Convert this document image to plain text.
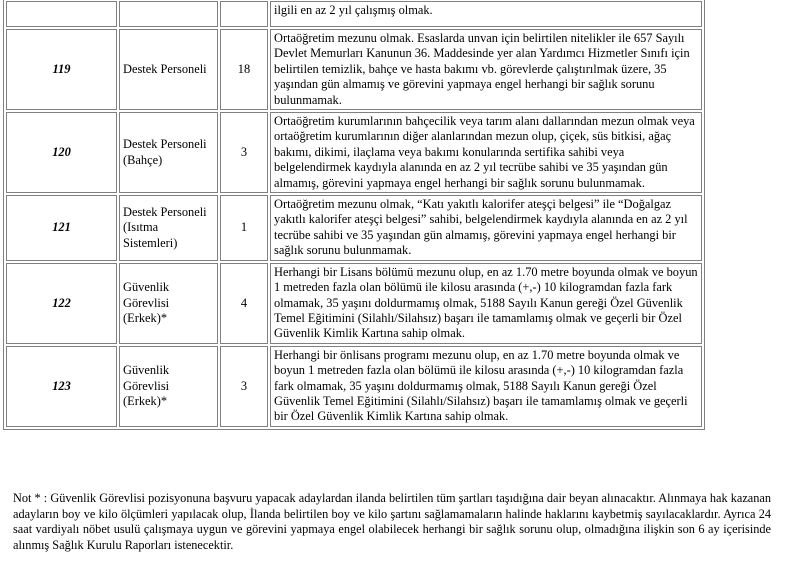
			ilgili en az 2 yıl çalışmış olmak.
119	Destek Personeli	18	Ortaöğretim mezunu olmak. Esaslarda unvan için belirtilen nitelikler ile 657 Sayılı Devlet Memurları Kanunun 36. Maddesinde yer alan Yardımcı Hizmetler Sınıfı için belirtilen temizlik, bahçe ve hasta bakımı vb. görevlerde çalıştırılmak üzere, 35 yaşından gün almamış ve görevini yapmaya engel herhangi bir sağlık sorunu bulunmamak.
120	Destek Personeli (Bahçe)	3	Ortaöğretim kurumlarının bahçecilik veya tarım alanı dallarından mezun olmak veya ortaöğretim kurumlarının diğer alanlarından mezun olup, çiçek, süs bitkisi, ağaç bakımı, dikimi, ilaçlama veya bakımı konularında sertifika sahibi veya belgelendirmek kaydıyla alanında en az 2 yıl tecrübe sahibi ve 35 yaşından gün almamış, görevini yapmaya engel herhangi bir sağlık sorunu bulunmamak.
121	Destek Personeli (Isıtma Sistemleri)	1	Ortaöğretim mezunu olmak, “Katı yakıtlı kalorifer ateşçi belgesi” ile “Doğalgaz yakıtlı kalorifer ateşçi belgesi” sahibi, belgelendirmek kaydıyla alanında en az 2 yıl tecrübe sahibi ve 35 yaşından gün almamış, görevini yapmaya engel herhangi bir sağlık sorunu bulunmamak.
122	Güvenlik Görevlisi (Erkek)*	4	Herhangi bir Lisans bölümü mezunu olup, en az 1.70 metre boyunda olmak ve boyun 1 metreden fazla olan bölümü ile kilosu arasında (+,-) 10 kilogramdan fazla fark olmamak, 35 yaşını doldurmamış olmak, 5188 Sayılı Kanun gereği Özel Güvenlik Temel Eğitimini (Silahlı/Silahsız) başarı ile tamamlamış olmak ve geçerli bir Özel Güvenlik Kimlik Kartına sahip olmak.
123	Güvenlik Görevlisi (Erkek)*	3	Herhangi bir önlisans programı mezunu olup, en az 1.70 metre boyunda olmak ve boyun 1 metreden fazla olan bölümü ile kilosu arasında (+,-) 10 kilogramdan fazla fark olmamak, 35 yaşını doldurmamış olmak, 5188 Sayılı Kanun gereği Özel Güvenlik Temel Eğitimini (Silahlı/Silahsız) başarı ile tamamlamış olmak ve geçerli bir Özel Güvenlik Kimlik Kartına sahip olmak.

Not * : Güvenlik Görevlisi pozisyonuna başvuru yapacak adaylardan ilanda belirtilen tüm şartları taşıdığına dair beyan alınacaktır. Alınmaya hak kazanan adayların boy ve kilo ölçümleri yapılacak olup, İlanda belirtilen boy ve kilo şartını sağlamamaların halinde haklarını kaybetmiş sayılacaklardır. Ayrıca 24 saat vardiyalı nöbet usulü çalışmaya uygun ve görevini yapmaya engel olabilecek herhangi bir sağlık sorunu olup, olmadığına ilişkin son 6 ay içerisinde alınmış Sağlık Kurulu Raporları istenecektir.
